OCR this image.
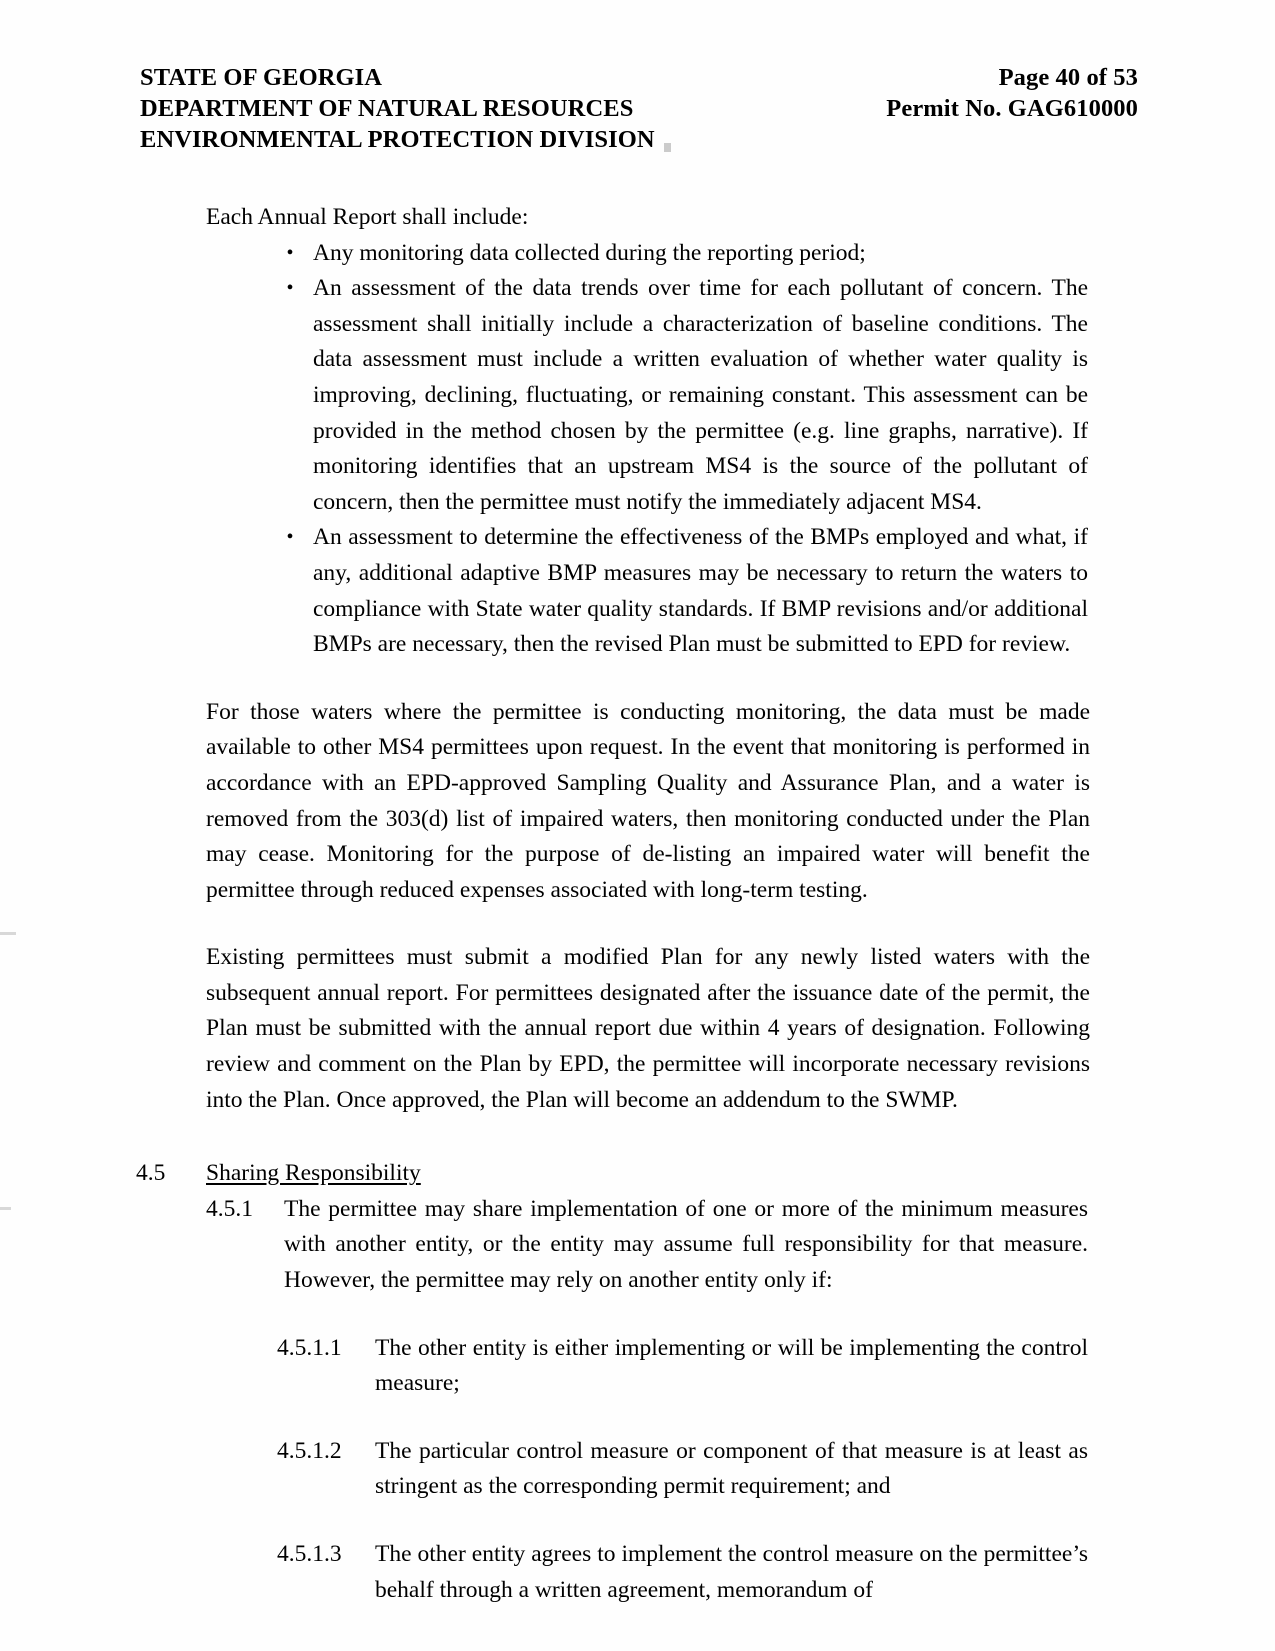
STATE OF GEORGIA
DEPARTMENT OF NATURAL RESOURCES
ENVIRONMENTAL PROTECTION DIVISION
Page 40 of 53
Permit No. GAG610000
Each Annual Report shall include:
• Any monitoring data collected during the reporting period;
• An assessment of the data trends over time for each pollutant of concern. The assessment shall initially include a characterization of baseline conditions. The data assessment must include a written evaluation of whether water quality is improving, declining, fluctuating, or remaining constant. This assessment can be provided in the method chosen by the permittee (e.g. line graphs, narrative). If monitoring identifies that an upstream MS4 is the source of the pollutant of concern, then the permittee must notify the immediately adjacent MS4.
• An assessment to determine the effectiveness of the BMPs employed and what, if any, additional adaptive BMP measures may be necessary to return the waters to compliance with State water quality standards. If BMP revisions and/or additional BMPs are necessary, then the revised Plan must be submitted to EPD for review.
For those waters where the permittee is conducting monitoring, the data must be made available to other MS4 permittees upon request. In the event that monitoring is performed in accordance with an EPD-approved Sampling Quality and Assurance Plan, and a water is removed from the 303(d) list of impaired waters, then monitoring conducted under the Plan may cease. Monitoring for the purpose of de-listing an impaired water will benefit the permittee through reduced expenses associated with long-term testing.
Existing permittees must submit a modified Plan for any newly listed waters with the subsequent annual report. For permittees designated after the issuance date of the permit, the Plan must be submitted with the annual report due within 4 years of designation. Following review and comment on the Plan by EPD, the permittee will incorporate necessary revisions into the Plan. Once approved, the Plan will become an addendum to the SWMP.
4.5	Sharing Responsibility
4.5.1	The permittee may share implementation of one or more of the minimum measures with another entity, or the entity may assume full responsibility for that measure. However, the permittee may rely on another entity only if:
4.5.1.1	The other entity is either implementing or will be implementing the control measure;
4.5.1.2	The particular control measure or component of that measure is at least as stringent as the corresponding permit requirement; and
4.5.1.3	The other entity agrees to implement the control measure on the permittee’s behalf through a written agreement, memorandum of
